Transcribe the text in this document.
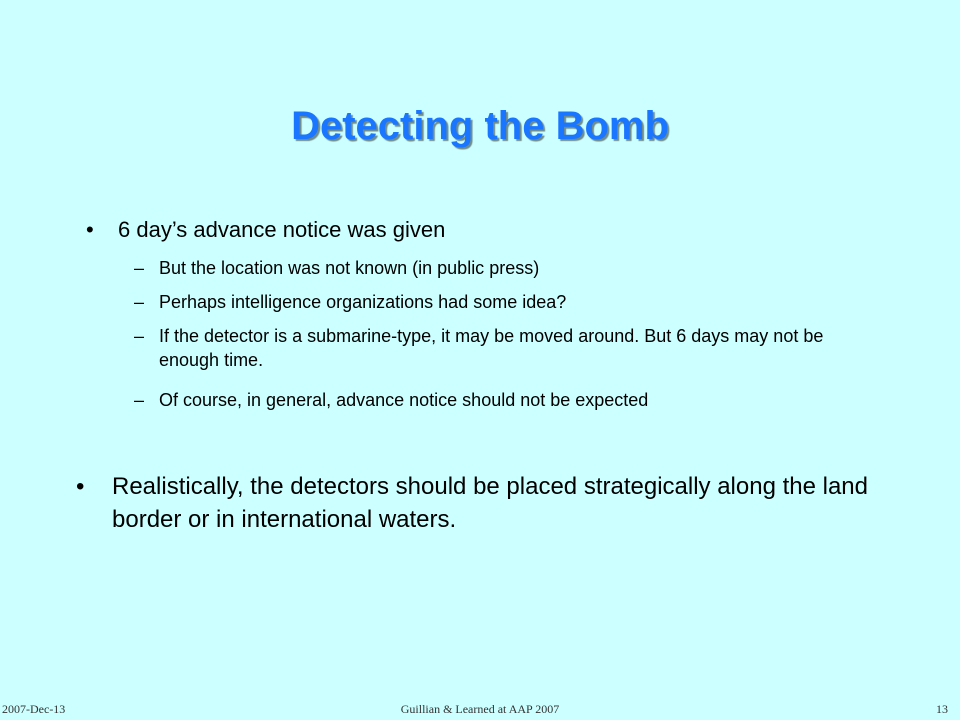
Detecting the Bomb
• 6 day’s advance notice was given
– But the location was not known (in public press)
– Perhaps intelligence organizations had some idea?
– If the detector is a submarine-type, it may be moved around. But 6 days may not be enough time.
– Of course, in general, advance notice should not be expected
• Realistically, the detectors should be placed strategically along the land border or in international waters.
2007-Dec-13	Guillian & Learned at AAP 2007	13
